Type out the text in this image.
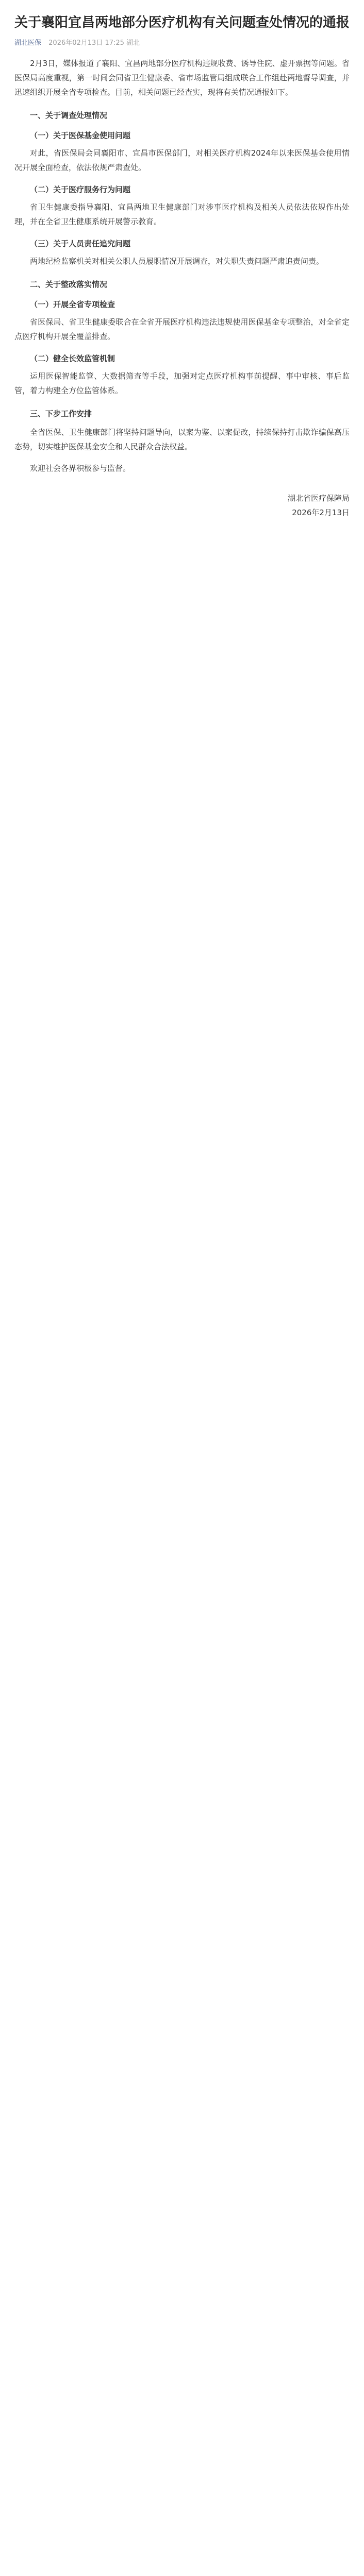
关于襄阳宜昌两地部分医疗机构有关问题查处情况的通报
湖北医保 2026年02月13日 17:25 湖北

2月3日，媒体报道了襄阳、宜昌两地部分医疗机构违规收费、诱导住院、虚开票据等问题。省医保局高度重视，第一时间会同省卫生健康委、省市场监管局组成联合工作组赴两地督导调查，并迅速组织开展全省专项检查。目前，相关问题已经查实，现将有关情况通报如下。

一、关于调查处理情况
（一）关于医保基金使用问题

对此，省医保局会同襄阳市、宜昌市医保部门，对相关医疗机构2024年以来医保基金使用情况开展全面检查，依法依规严肃查处。

（二）关于医疗服务行为问题

省卫生健康委指导襄阳、宜昌两地卫生健康部门对涉事医疗机构及相关人员依法依规作出处理，并在全省卫生健康系统开展警示教育。

（三）关于人员责任追究问题

两地纪检监察机关对相关公职人员履职情况开展调查，对失职失责问题严肃追责问责。

二、关于整改落实情况
（一）开展全省专项检查

省医保局、省卫生健康委联合在全省开展医疗机构违法违规使用医保基金专项整治，对全省定点医疗机构开展全覆盖排查。

（二）健全长效监管机制

运用医保智能监管、大数据筛查等手段，加强对定点医疗机构事前提醒、事中审核、事后监管，着力构建全方位监管体系。

三、下步工作安排

全省医保、卫生健康部门将坚持问题导向，以案为鉴、以案促改，持续保持打击欺诈骗保高压态势，切实维护医保基金安全和人民群众合法权益。

欢迎社会各界积极参与监督。

湖北省医疗保障局
2026年2月13日
